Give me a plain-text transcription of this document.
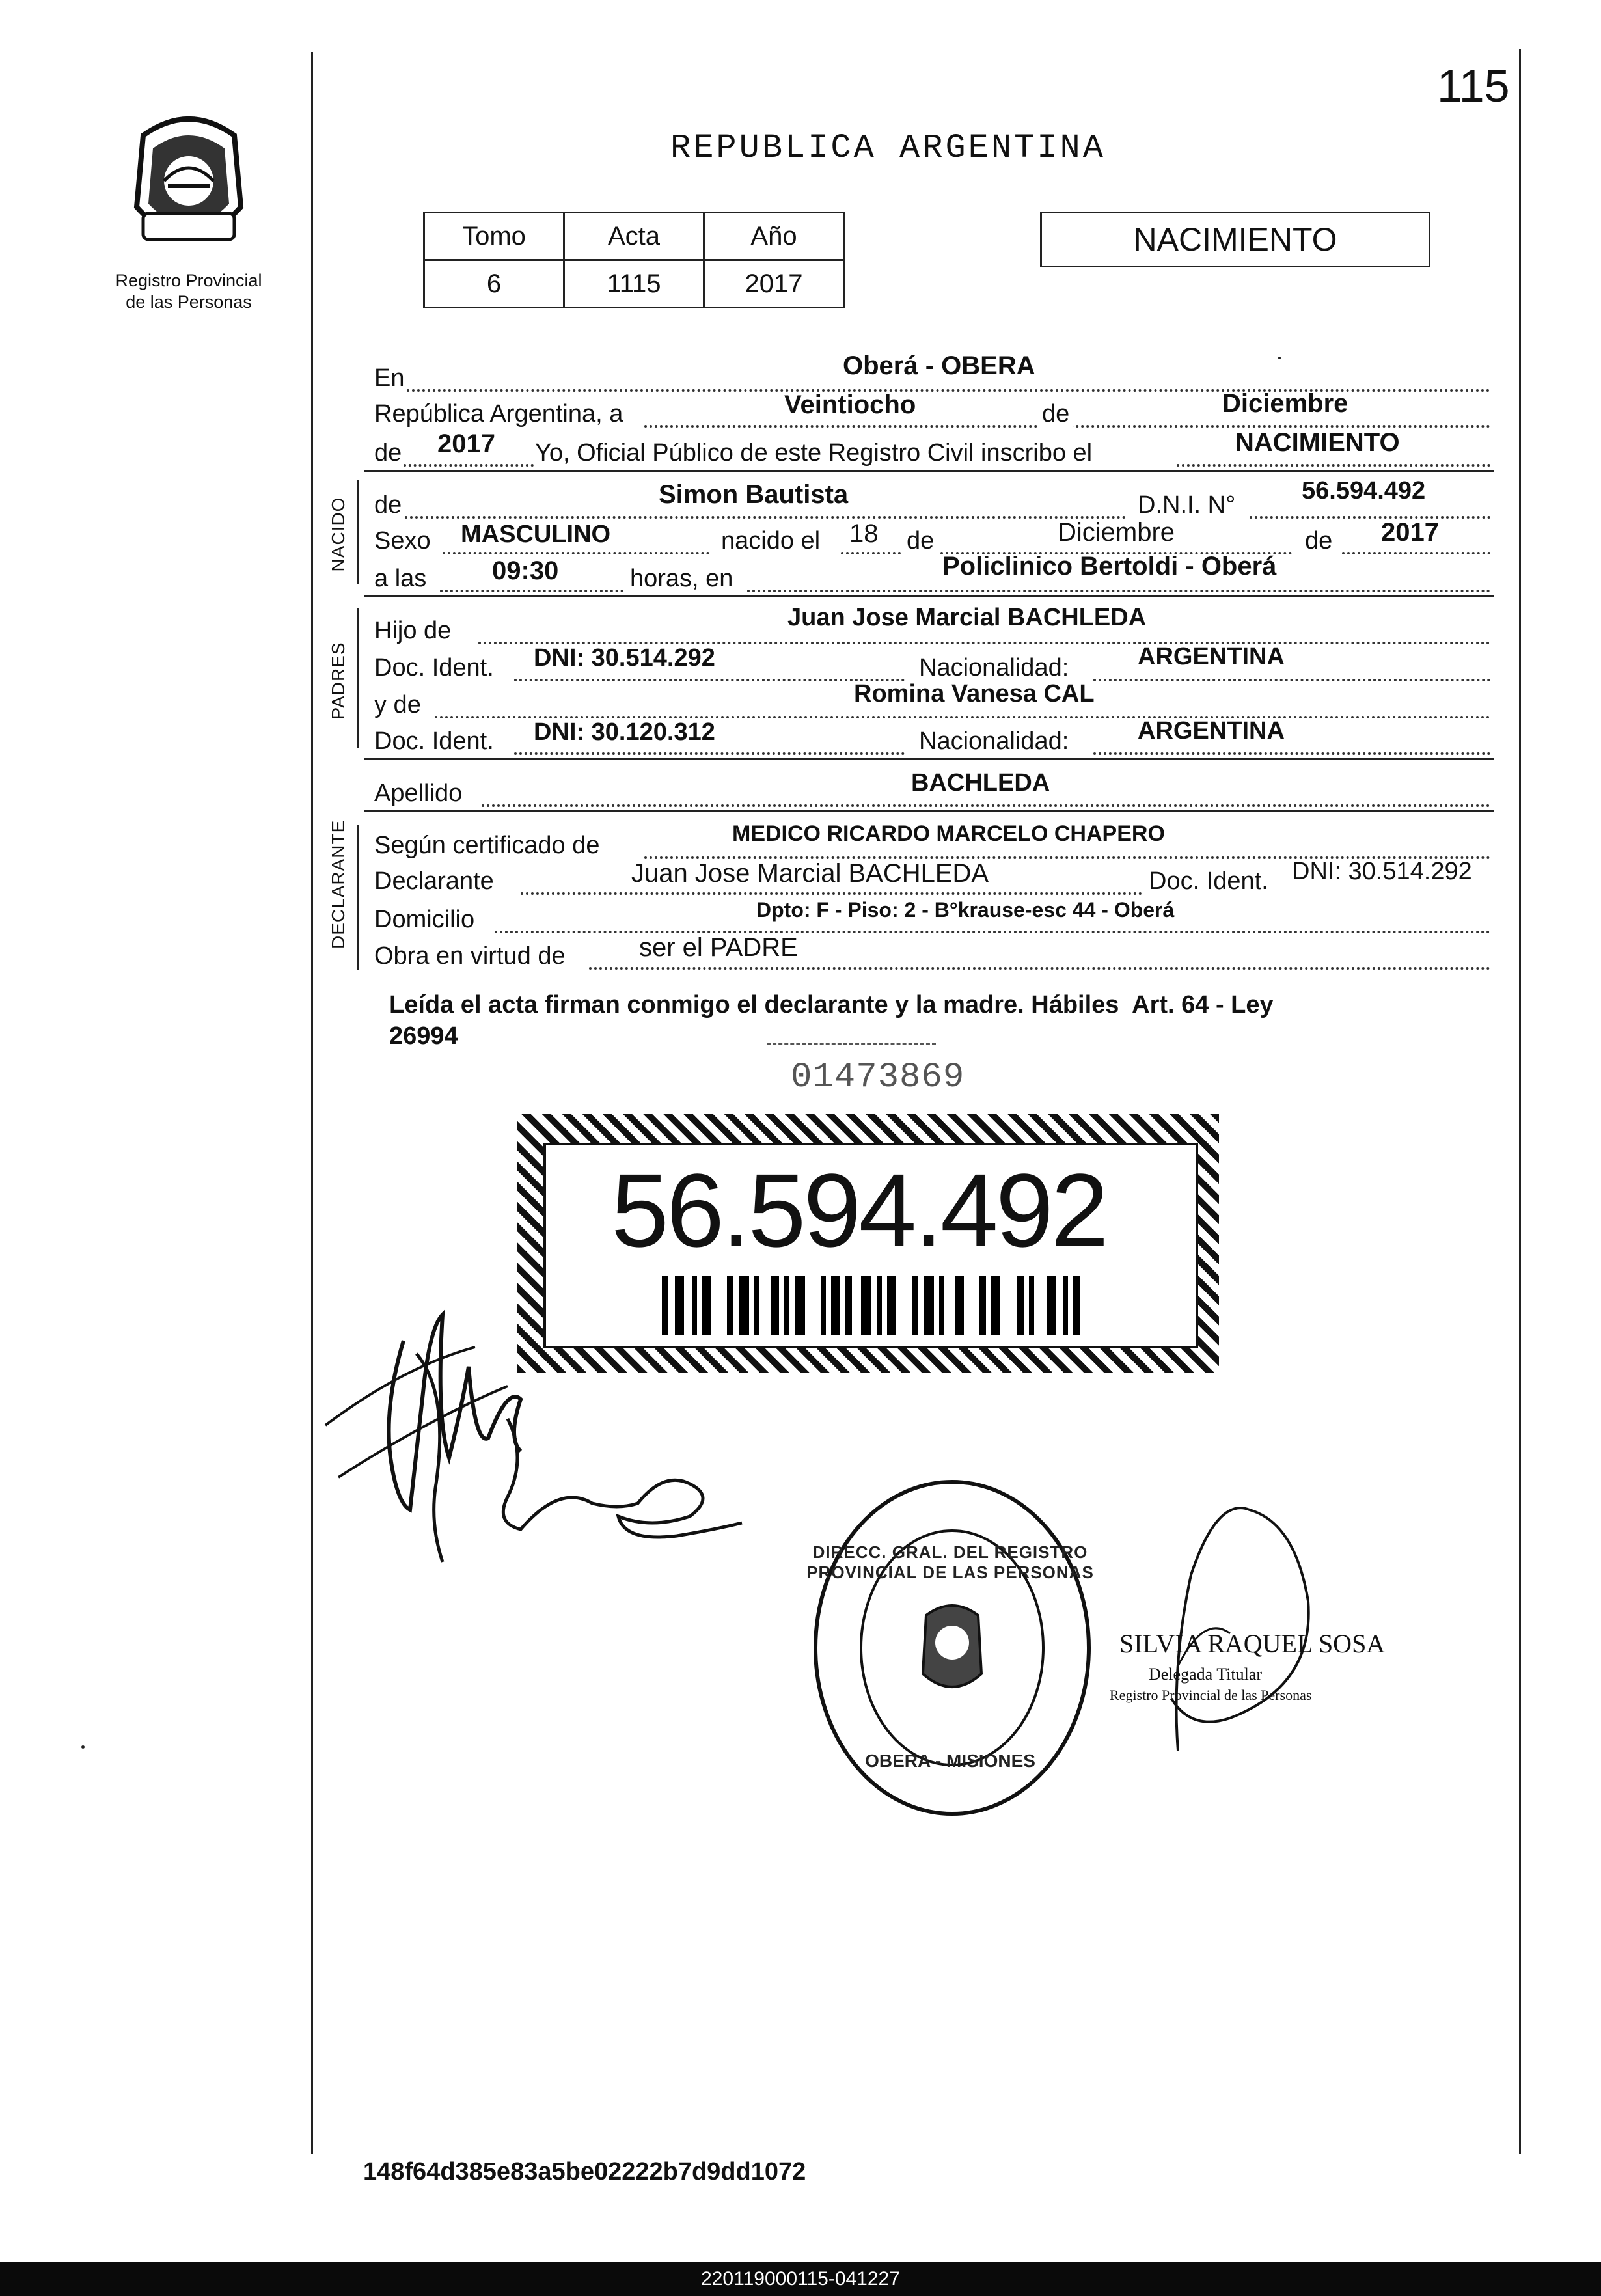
115
Registro Provincial
de las Personas
REPUBLICA ARGENTINA
Tomo	Acta	Año
6	1115	2017
NACIMIENTO
En	Oberá - OBERA
República Argentina, a	Veintiocho	de	Diciembre
de 2017 Yo, Oficial Público de este Registro Civil inscribo el	NACIMIENTO
NACIDO de	Simon Bautista	D.N.I. N°
56.594.492
Sexo MASCULINO	nacido el 18 de	Diciembre	de 2017
a las	09:30	horas, en	Policlinico Bertoldi - Oberá
PADRES
Hijo de	Juan Jose Marcial BACHLEDA
Doc. Ident. DNI: 30.514.292	Nacionalidad:	ARGENTINA
y de	Romina Vanesa CAL
Doc. Ident. DNI: 30.120.312	Nacionalidad:	ARGENTINA
Apellido	BACHLEDA
DECLARANTE Según certificado de	MEDICO RICARDO MARCELO CHAPERO
Declarante	Juan Jose Marcial BACHLEDA	Doc. Ident. DNI: 30.514.292
Domicilio	Dpto: F - Piso: 2 - B°krause-esc 44 - Oberá
Obra en virtud de	ser el PADRE
Leída el acta firman conmigo el declarante y la madre. Hábiles  Art. 64 - Ley
26994
01473869
56.594.492
DIRECC. GRAL. DEL REGISTRO PROVINCIAL DE LAS PERSONAS
OBERA - MISIONES
SILVIA RAQUEL SOSA
Delegada Titular
Registro Provincial de las Personas
148f64d385e83a5be02222b7d9dd1072
220119000115-041227
